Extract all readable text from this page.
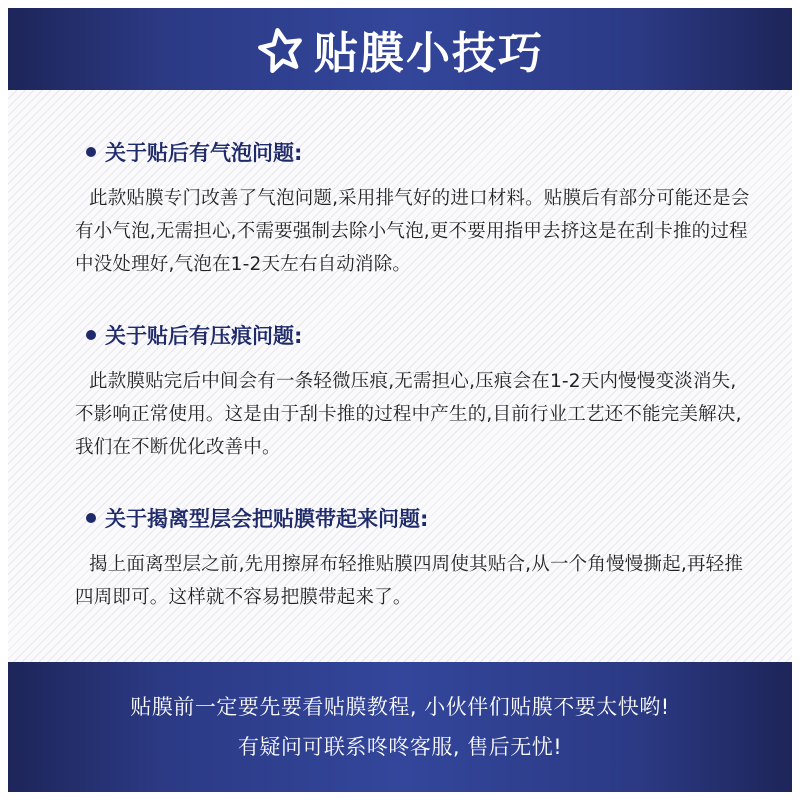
贴膜小技巧
关于贴后有气泡问题:
此款贴膜专门改善了气泡问题,采用排气好的进口材料。贴膜后有部分可能还是会有小气泡,无需担心,不需要强制去除小气泡,更不要用指甲去挤这是在刮卡推的过程中没处理好,气泡在1-2天左右自动消除。
关于贴后有压痕问题:
此款膜贴完后中间会有一条轻微压痕,无需担心,压痕会在1-2天内慢慢变淡消失,不影响正常使用。这是由于刮卡推的过程中产生的,目前行业工艺还不能完美解决,我们在不断优化改善中。
关于揭离型层会把贴膜带起来问题:
揭上面离型层之前,先用擦屏布轻推贴膜四周使其贴合,从一个角慢慢撕起,再轻推四周即可。这样就不容易把膜带起来了。
贴膜前一定要先要看贴膜教程, 小伙伴们贴膜不要太快哟!
有疑问可联系咚咚客服, 售后无忧!
